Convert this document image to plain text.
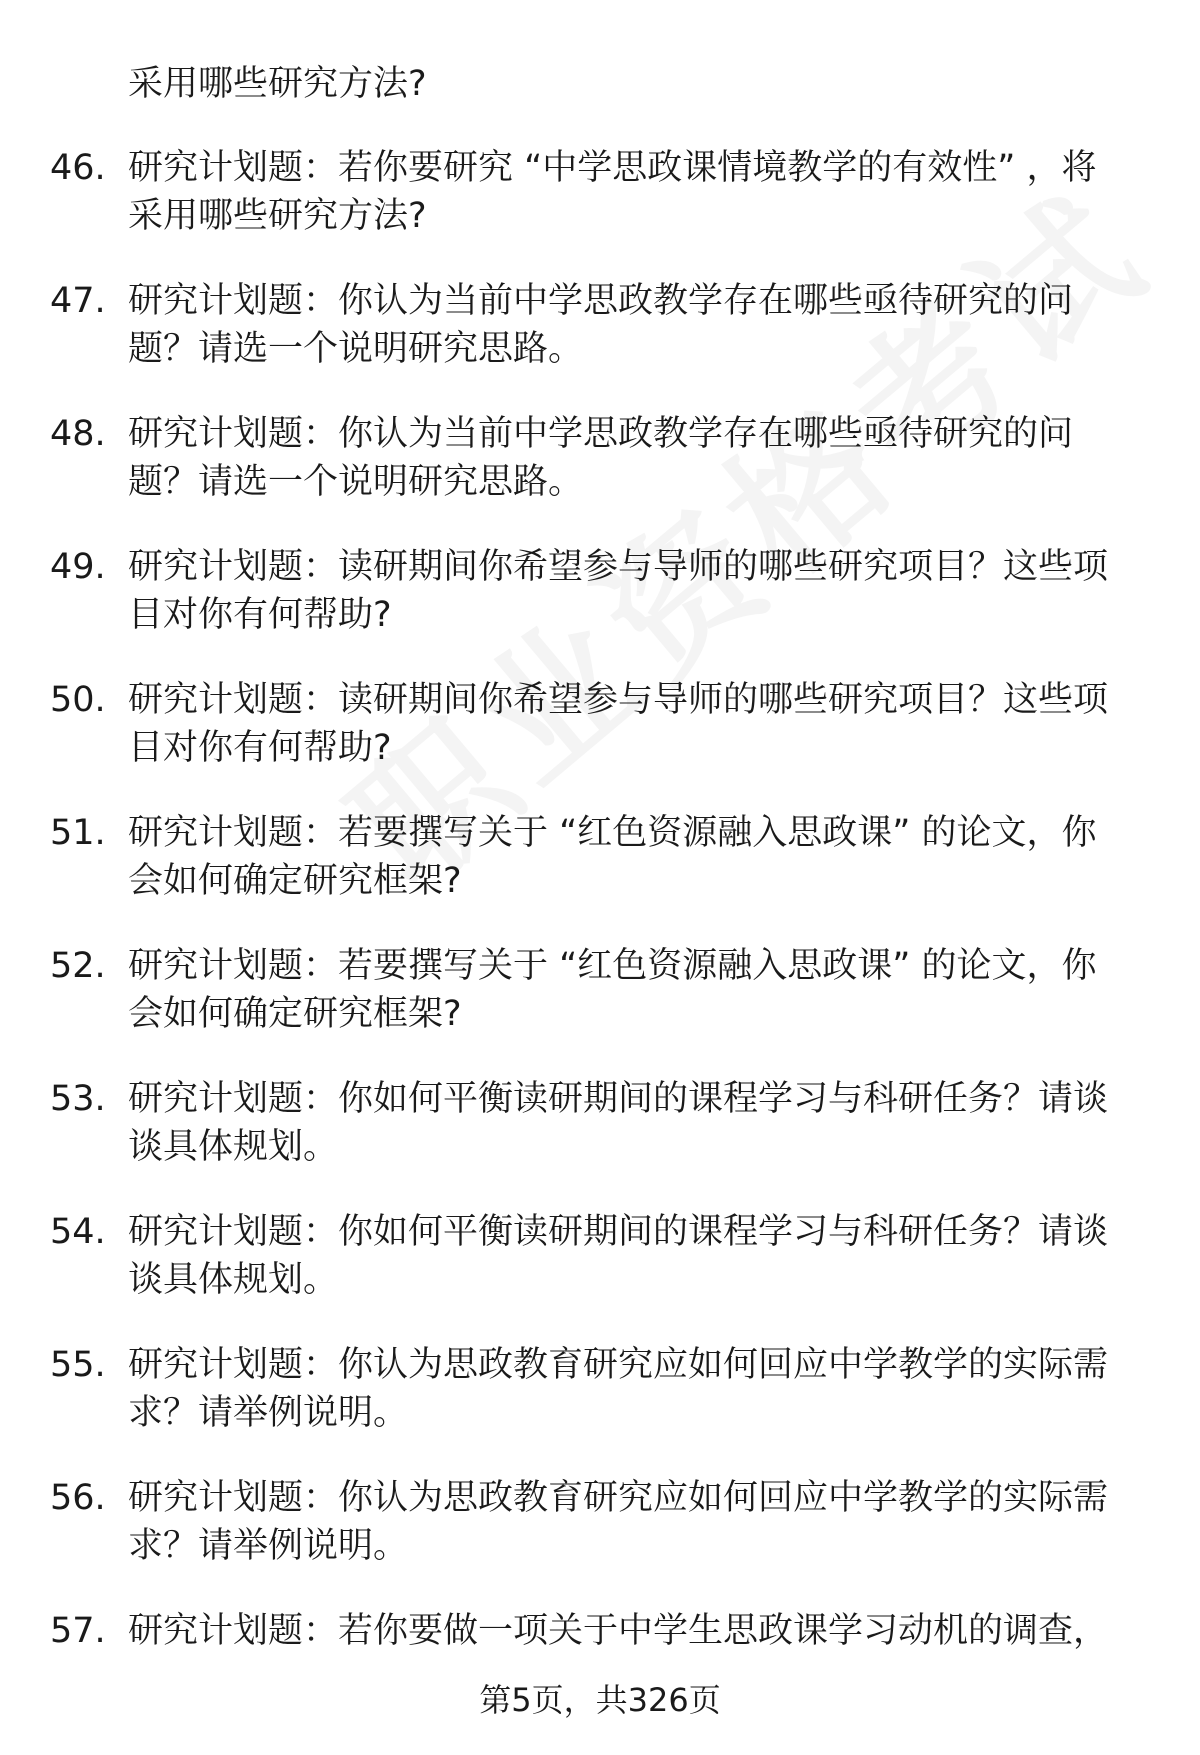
采用哪些研究方法?
46. 研究计划题：若你要研究 “中学思政课情境教学的有效性” ，将
采用哪些研究方法?
47. 研究计划题：你认为当前中学思政教学存在哪些亟待研究的问
题？请选一个说明研究思路。
48. 研究计划题：你认为当前中学思政教学存在哪些亟待研究的问
题？请选一个说明研究思路。
49. 研究计划题：读研期间你希望参与导师的哪些研究项目？这些项
目对你有何帮助?
50. 研究计划题：读研期间你希望参与导师的哪些研究项目？这些项
目对你有何帮助?
51. 研究计划题：若要撰写关于 “红色资源融入思政课” 的论文，你
会如何确定研究框架?
52. 研究计划题：若要撰写关于 “红色资源融入思政课” 的论文，你
会如何确定研究框架?
53. 研究计划题：你如何平衡读研期间的课程学习与科研任务？请谈
谈具体规划。
54. 研究计划题：你如何平衡读研期间的课程学习与科研任务？请谈
谈具体规划。
55. 研究计划题：你认为思政教育研究应如何回应中学教学的实际需
求？请举例说明。
56. 研究计划题：你认为思政教育研究应如何回应中学教学的实际需
求？请举例说明。
57. 研究计划题：若你要做一项关于中学生思政课学习动机的调查，
第5页，共326页
